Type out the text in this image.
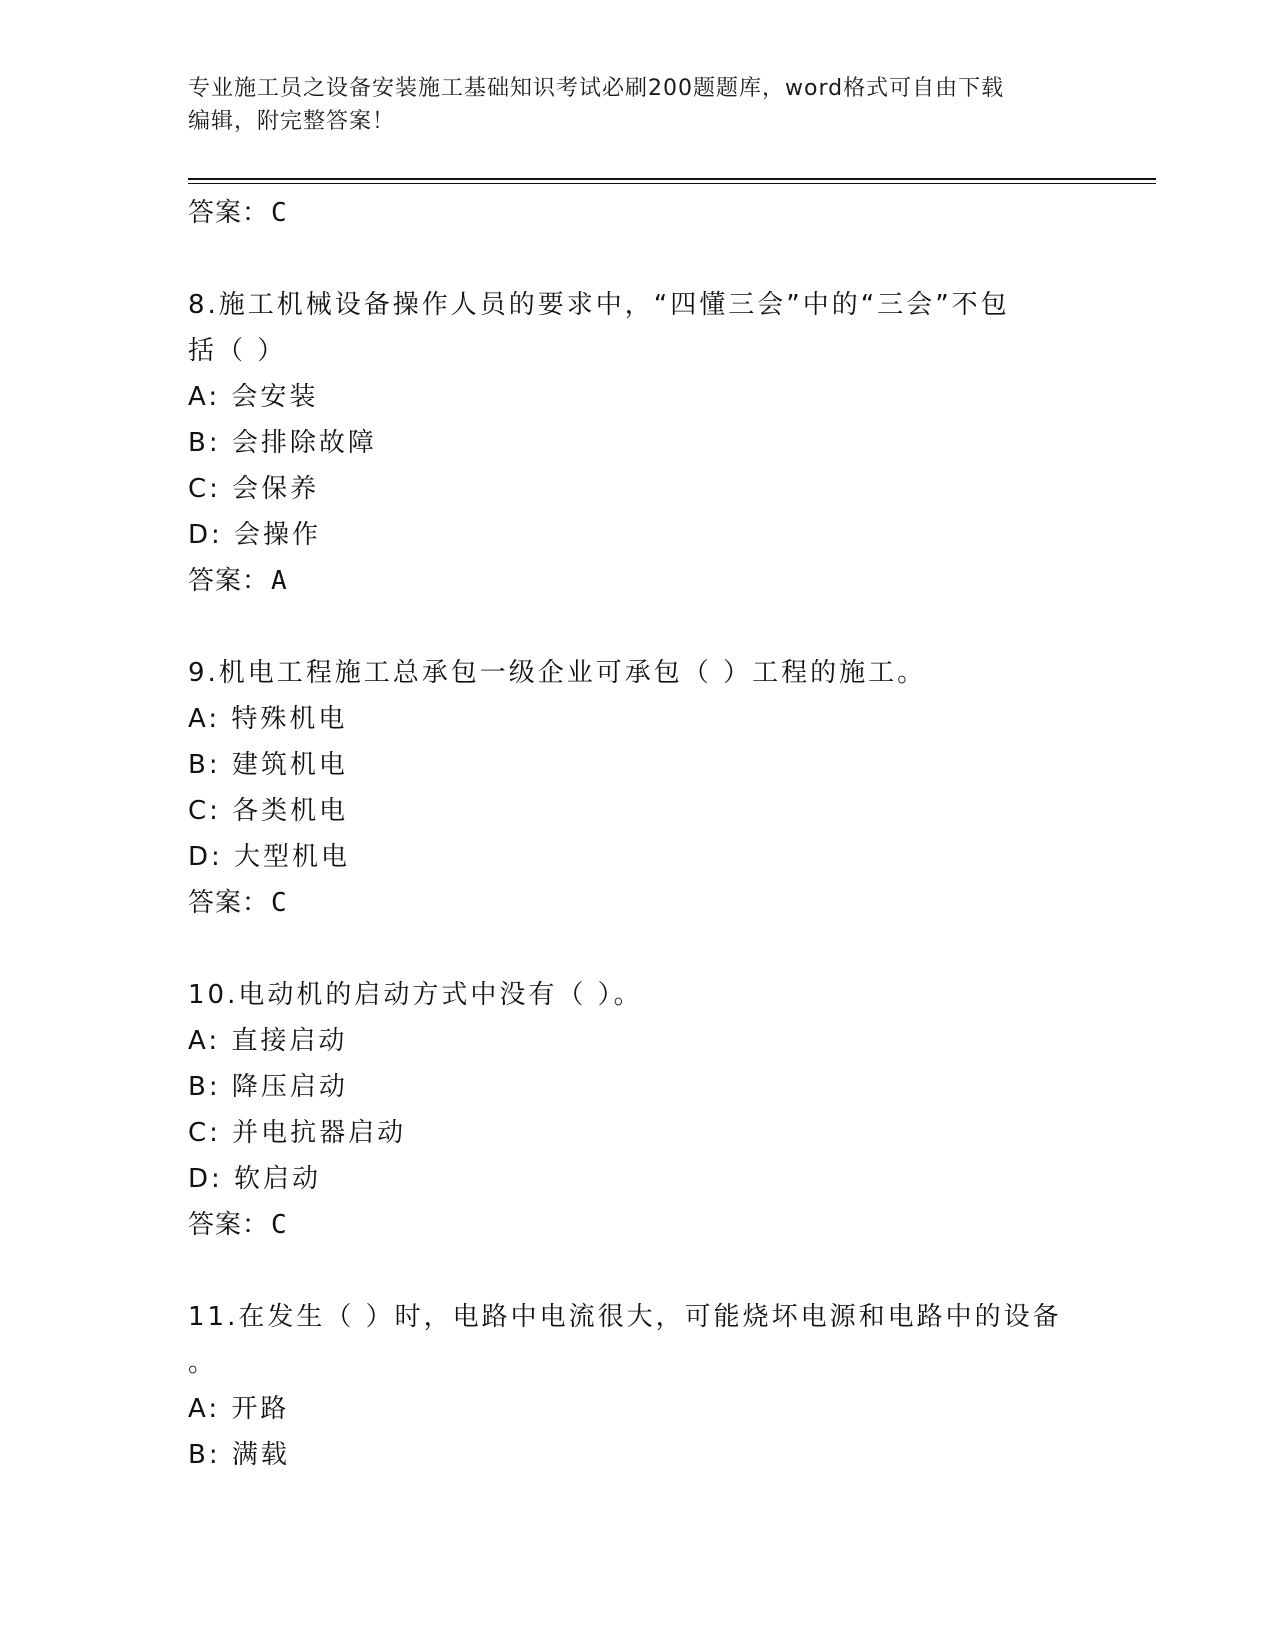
专业施工员之设备安装施工基础知识考试必刷200题题库，word格式可自由下载
编辑，附完整答案！
答案：C
8.施工机械设备操作人员的要求中，“四懂三会”中的“三会”不包
括（ ）
A: 会安装
B: 会排除故障
C: 会保养
D: 会操作
答案：A
9.机电工程施工总承包一级企业可承包（ ）工程的施工。
A: 特殊机电
B: 建筑机电
C: 各类机电
D: 大型机电
答案：C
10.电动机的启动方式中没有（ ）。
A: 直接启动
B: 降压启动
C: 并电抗器启动
D: 软启动
答案：C
11.在发生（ ）时，电路中电流很大，可能烧坏电源和电路中的设备
。
A: 开路
B: 满载
